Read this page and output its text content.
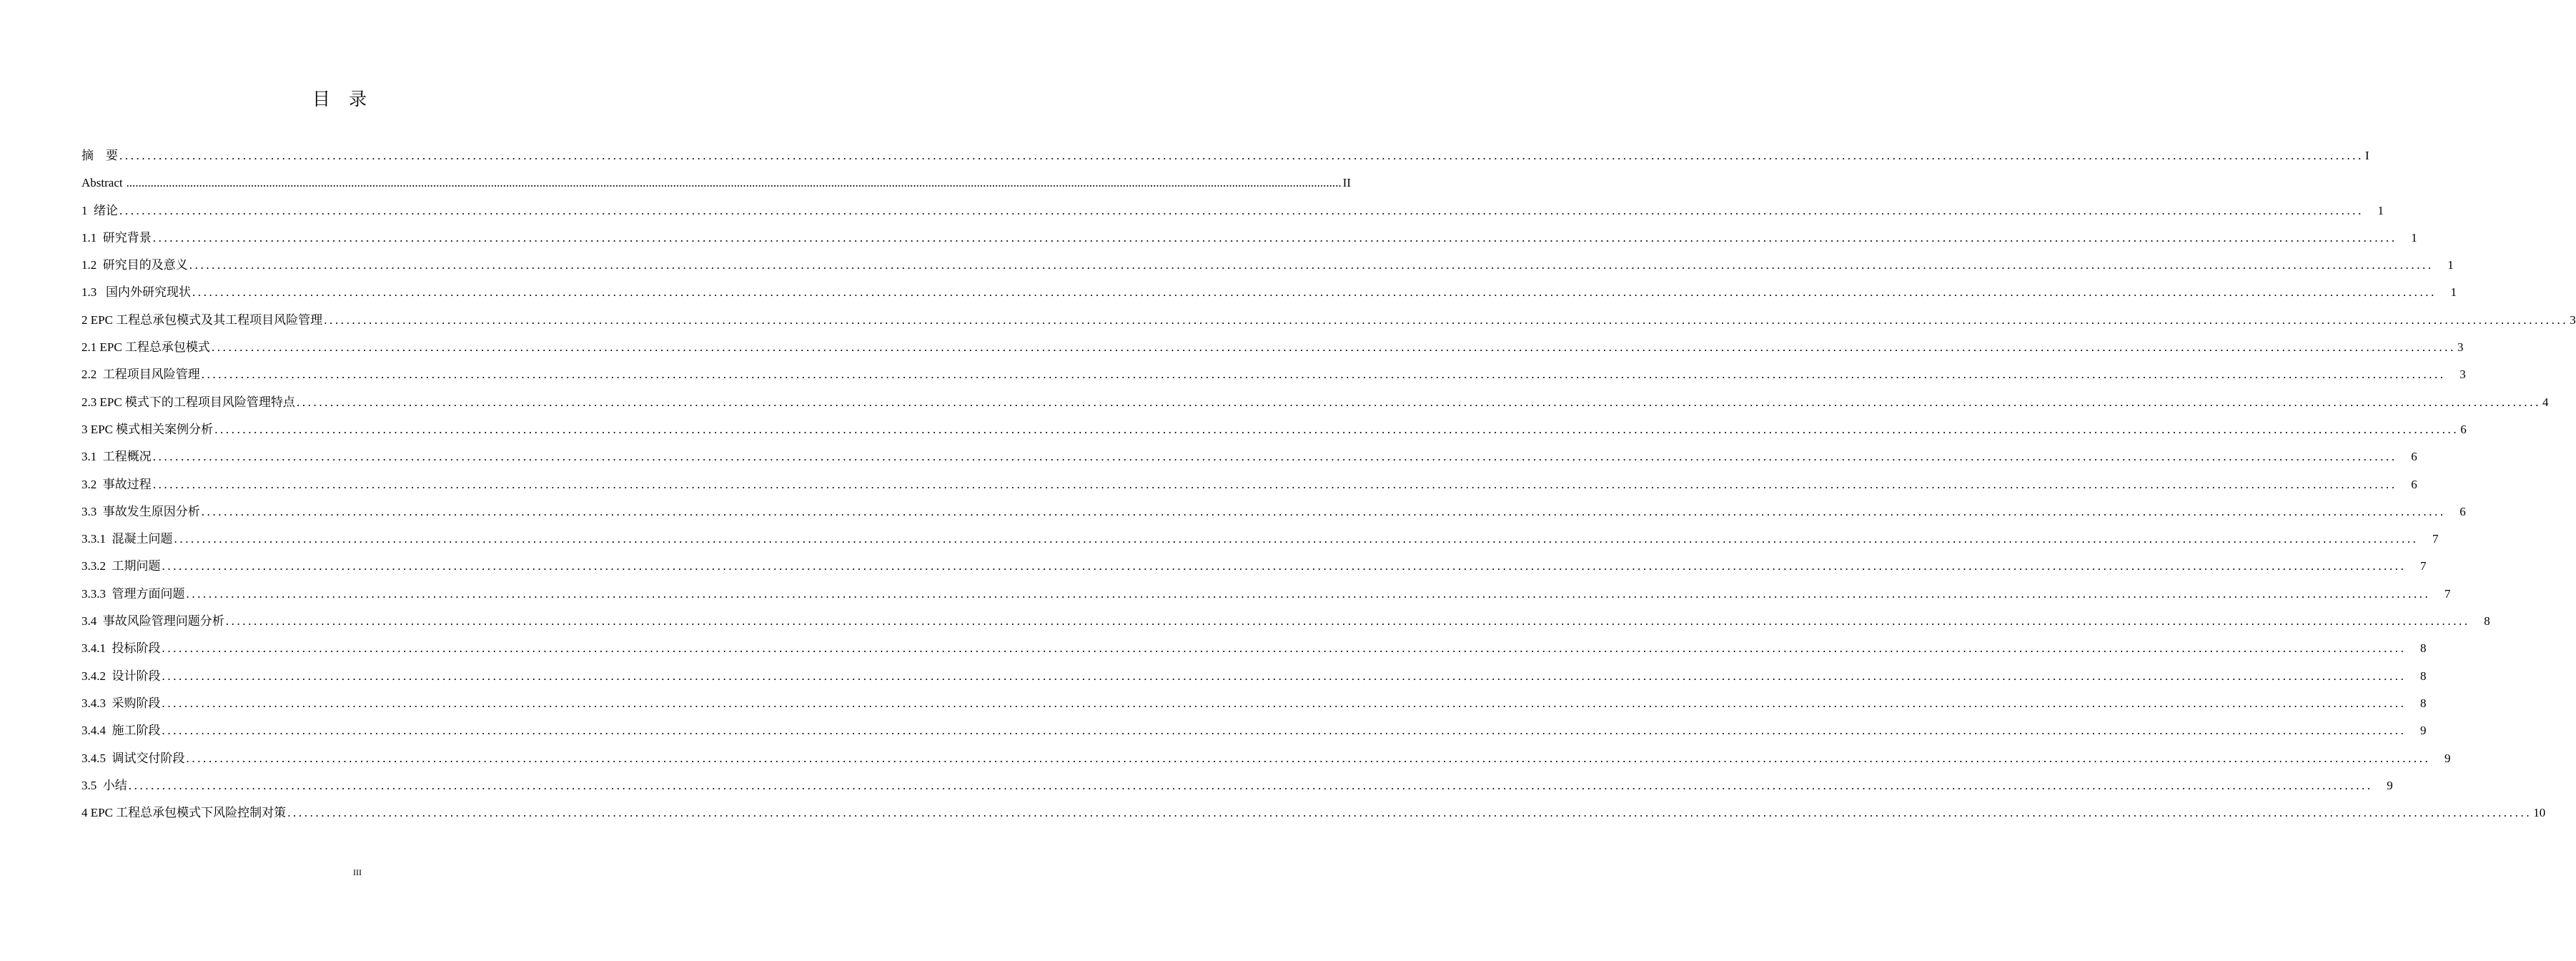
目录
摘　要 ................................................................................................................................................................................................................................................................................................................................................................................................................ I
Abstract ................................................................................................................................................................................................................................................................................................................................................................................................................ II
1  绪论 ................................................................................................................................................................................................................................................................................................................................................................................................................	1
1.1  研究背景 ................................................................................................................................................................................................................................................................................................................................................................................................................	1
1.2  研究目的及意义 ................................................................................................................................................................................................................................................................................................................................................................................................................	1
1.3   国内外研究现状 ................................................................................................................................................................................................................................................................................................................................................................................................................	1
2 EPC 工程总承包模式及其工程项目风险管理 ................................................................................................................................................................................................................................................................................................................................................................................................................ 3
2.1 EPC 工程总承包模式 ................................................................................................................................................................................................................................................................................................................................................................................................................ 3
2.2  工程项目风险管理 ................................................................................................................................................................................................................................................................................................................................................................................................................	3
2.3 EPC 模式下的工程项目风险管理特点 ................................................................................................................................................................................................................................................................................................................................................................................................................ 4
3 EPC 模式相关案例分析 ................................................................................................................................................................................................................................................................................................................................................................................................................ 6
3.1  工程概况 ................................................................................................................................................................................................................................................................................................................................................................................................................	6
3.2  事故过程 ................................................................................................................................................................................................................................................................................................................................................................................................................	6
3.3  事故发生原因分析 ................................................................................................................................................................................................................................................................................................................................................................................................................	6
3.3.1  混凝土问题 ................................................................................................................................................................................................................................................................................................................................................................................................................	7
3.3.2  工期问题 ................................................................................................................................................................................................................................................................................................................................................................................................................	7
3.3.3  管理方面问题 ................................................................................................................................................................................................................................................................................................................................................................................................................	7
3.4  事故风险管理问题分析 ................................................................................................................................................................................................................................................................................................................................................................................................................	8
3.4.1  投标阶段 ................................................................................................................................................................................................................................................................................................................................................................................................................	8
3.4.2  设计阶段 ................................................................................................................................................................................................................................................................................................................................................................................................................	8
3.4.3  采购阶段 ................................................................................................................................................................................................................................................................................................................................................................................................................	8
3.4.4  施工阶段 ................................................................................................................................................................................................................................................................................................................................................................................................................	9
3.4.5  调试交付阶段 ................................................................................................................................................................................................................................................................................................................................................................................................................	9
3.5  小结 ................................................................................................................................................................................................................................................................................................................................................................................................................	9
4 EPC 工程总承包模式下风险控制对策 ................................................................................................................................................................................................................................................................................................................................................................................................................ 10
III
